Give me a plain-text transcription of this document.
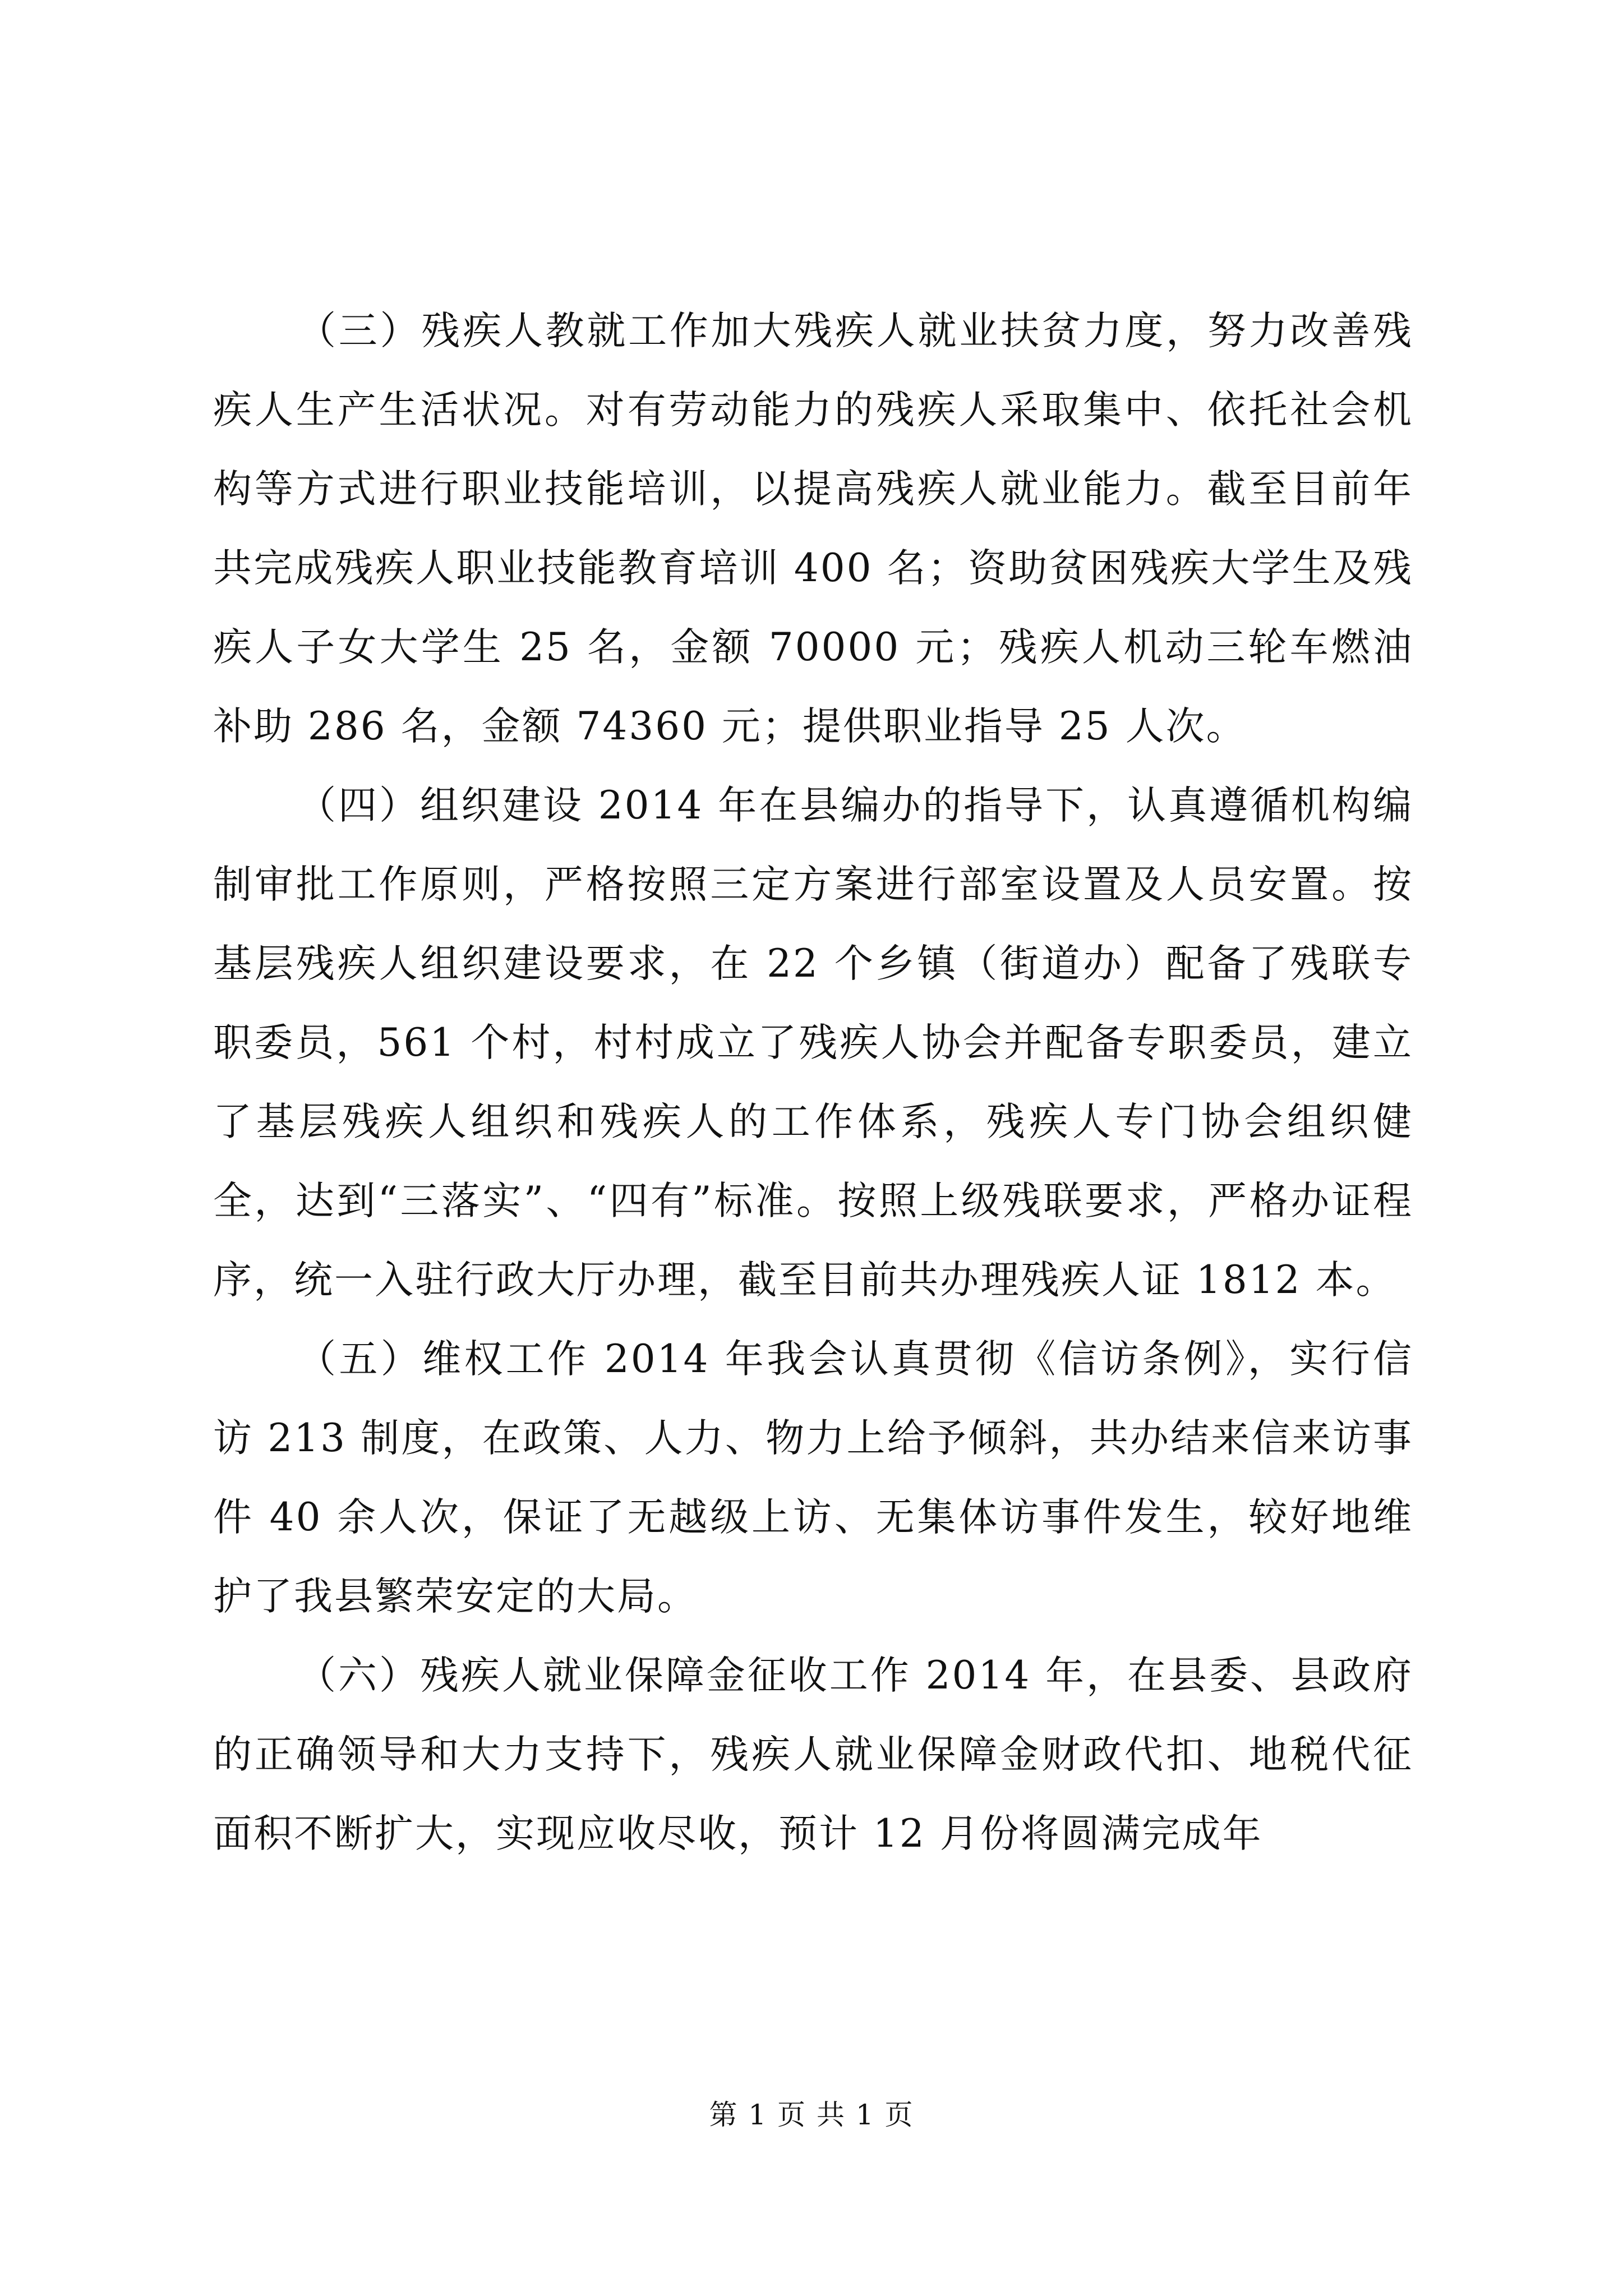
（三）残疾人教就工作加大残疾人就业扶贫力度，努力改善残疾人生产生活状况。对有劳动能力的残疾人采取集中、依托社会机构等方式进行职业技能培训，以提高残疾人就业能力。截至目前年共完成残疾人职业技能教育培训 400 名；资助贫困残疾大学生及残疾人子女大学生 25 名，金额 70000 元；残疾人机动三轮车燃油补助 286 名，金额 74360 元；提供职业指导 25 人次。

（四）组织建设 2014 年在县编办的指导下，认真遵循机构编制审批工作原则，严格按照三定方案进行部室设置及人员安置。按基层残疾人组织建设要求，在 22 个乡镇（街道办）配备了残联专职委员，561 个村，村村成立了残疾人协会并配备专职委员，建立了基层残疾人组织和残疾人的工作体系，残疾人专门协会组织健全，达到“三落实”、“四有”标准。按照上级残联要求，严格办证程序，统一入驻行政大厅办理，截至目前共办理残疾人证 1812 本。

（五）维权工作 2014 年我会认真贯彻《信访条例》，实行信访 213 制度，在政策、人力、物力上给予倾斜，共办结来信来访事件 40 余人次，保证了无越级上访、无集体访事件发生，较好地维护了我县繁荣安定的大局。

（六）残疾人就业保障金征收工作 2014 年，在县委、县政府的正确领导和大力支持下，残疾人就业保障金财政代扣、地税代征面积不断扩大，实现应收尽收，预计 12 月份将圆满完成年

第 1 页 共 1 页
